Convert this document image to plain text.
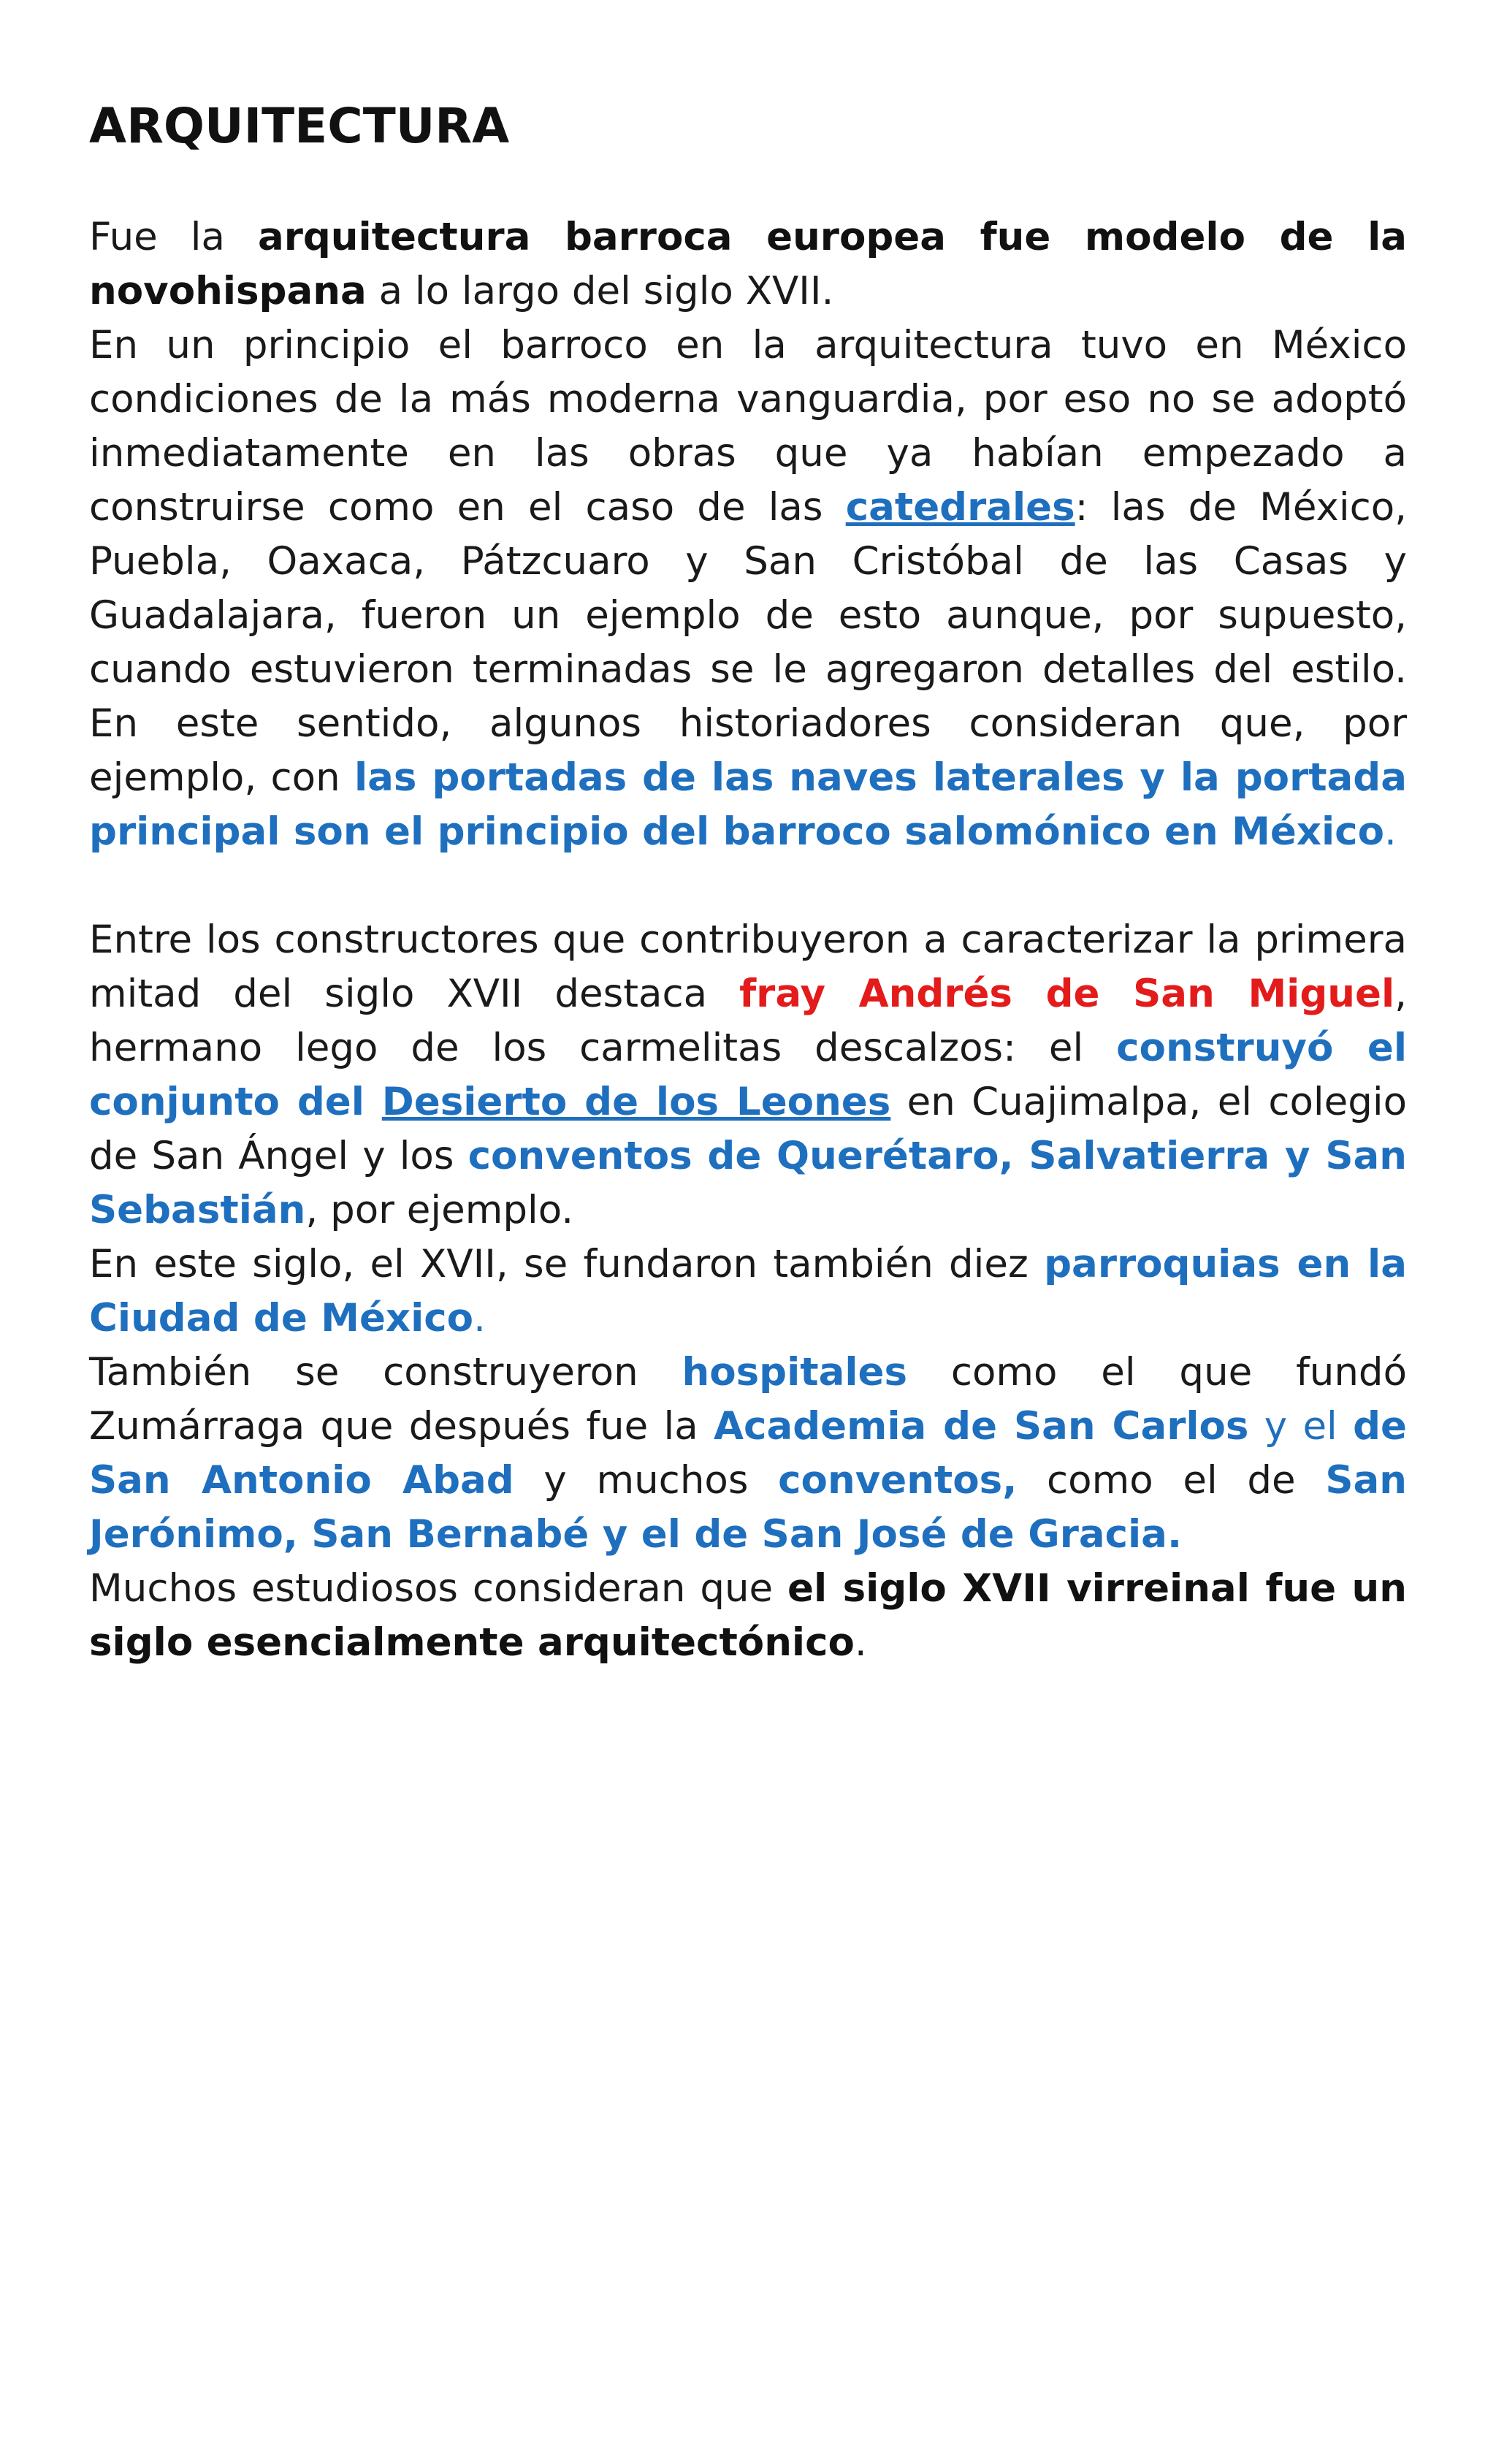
ARQUITECTURA

Fue la arquitectura barroca europea fue modelo de la novohispana a lo largo del siglo XVII.

En un principio el barroco en la arquitectura tuvo en México condiciones de la más moderna vanguardia, por eso no se adoptó inmediatamente en las obras que ya habían empezado a construirse como en el caso de las catedrales: las de México, Puebla, Oaxaca, Pátzcuaro y San Cristóbal de las Casas y Guadalajara, fueron un ejemplo de esto aunque, por supuesto, cuando estuvieron terminadas se le agregaron detalles del estilo. En este sentido, algunos historiadores consideran que, por ejemplo, con las portadas de las naves laterales y la portada principal son el principio del barroco salomónico en México.

Entre los constructores que contribuyeron a caracterizar la primera mitad del siglo XVII destaca fray Andrés de San Miguel, hermano lego de los carmelitas descalzos: el construyó el conjunto del Desierto de los Leones en Cuajimalpa, el colegio de San Ángel y los conventos de Querétaro, Salvatierra y San Sebastián, por ejemplo.

En este siglo, el XVII, se fundaron también diez parroquias en la Ciudad de México.

También se construyeron hospitales como el que fundó Zumárraga que después fue la Academia de San Carlos y el de San Antonio Abad y muchos conventos, como el de San Jerónimo, San Bernabé y el de San José de Gracia.

Muchos estudiosos consideran que el siglo XVII virreinal fue un siglo esencialmente arquitectónico.
